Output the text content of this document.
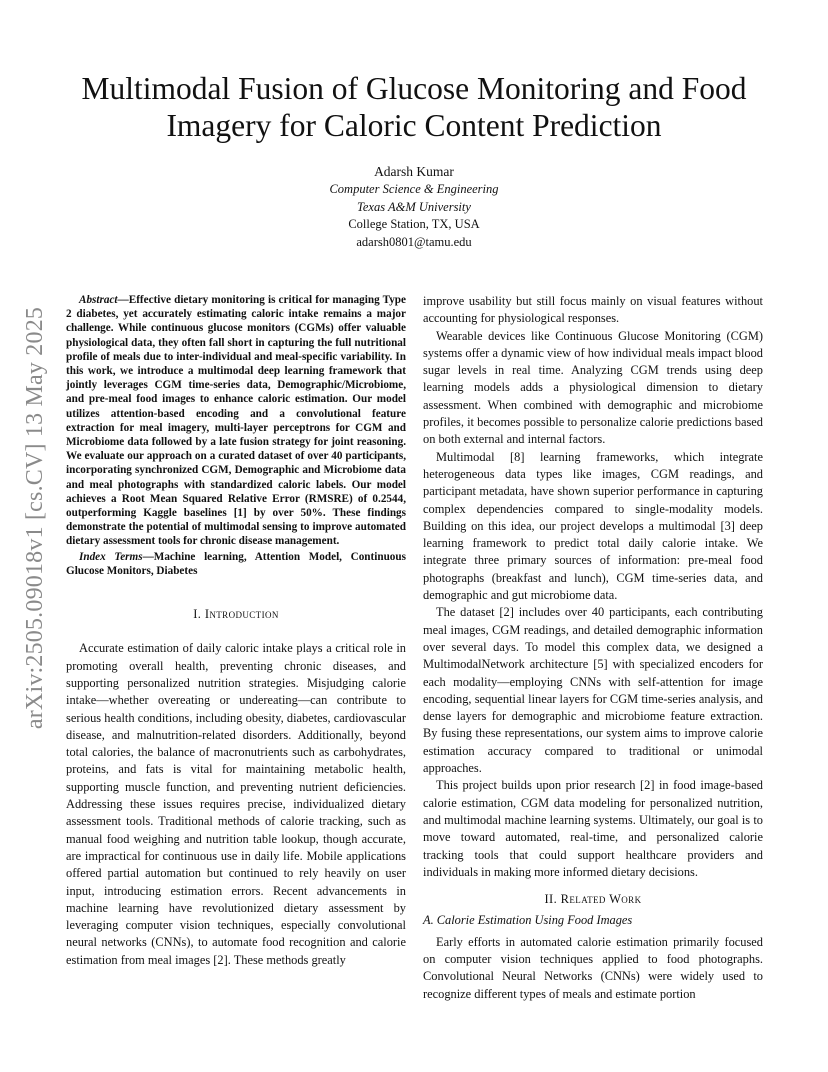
arXiv:2505.09018v1 [cs.CV] 13 May 2025
Multimodal Fusion of Glucose Monitoring and Food Imagery for Caloric Content Prediction
Adarsh Kumar
Computer Science & Engineering
Texas A&M University
College Station, TX, USA
adarsh0801@tamu.edu

Abstract—Effective dietary monitoring is critical for managing Type 2 diabetes, yet accurately estimating caloric intake remains a major challenge. While continuous glucose monitors (CGMs) offer valuable physiological data, they often fall short in capturing the full nutritional profile of meals due to inter-individual and meal-specific variability. In this work, we introduce a multimodal deep learning framework that jointly leverages CGM time-series data, Demographic/Microbiome, and pre-meal food images to enhance caloric estimation. Our model utilizes attention-based encoding and a convolutional feature extraction for meal imagery, multi-layer perceptrons for CGM and Microbiome data followed by a late fusion strategy for joint reasoning. We evaluate our approach on a curated dataset of over 40 participants, incorporating synchronized CGM, Demographic and Microbiome data and meal photographs with standardized caloric labels. Our model achieves a Root Mean Squared Relative Error (RMSRE) of 0.2544, outperforming Kaggle baselines [1] by over 50%. These findings demonstrate the potential of multimodal sensing to improve automated dietary assessment tools for chronic disease management.

Index Terms—Machine learning, Attention Model, Continuous Glucose Monitors, Diabetes

I. Introduction

Accurate estimation of daily caloric intake plays a critical role in promoting overall health, preventing chronic diseases, and supporting personalized nutrition strategies. Misjudging calorie intake—whether overeating or undereating—can contribute to serious health conditions, including obesity, diabetes, cardiovascular disease, and malnutrition-related disorders. Additionally, beyond total calories, the balance of macronutrients such as carbohydrates, proteins, and fats is vital for maintaining metabolic health, supporting muscle function, and preventing nutrient deficiencies. Addressing these issues requires precise, individualized dietary assessment tools. Traditional methods of calorie tracking, such as manual food weighing and nutrition table lookup, though accurate, are impractical for continuous use in daily life. Mobile applications offered partial automation but continued to rely heavily on user input, introducing estimation errors. Recent advancements in machine learning have revolutionized dietary assessment by leveraging computer vision techniques, especially convolutional neural networks (CNNs), to automate food recognition and calorie estimation from meal images [2]. These methods greatly

improve usability but still focus mainly on visual features without accounting for physiological responses.

Wearable devices like Continuous Glucose Monitoring (CGM) systems offer a dynamic view of how individual meals impact blood sugar levels in real time. Analyzing CGM trends using deep learning models adds a physiological dimension to dietary assessment. When combined with demographic and microbiome profiles, it becomes possible to personalize calorie predictions based on both external and internal factors.

Multimodal [8] learning frameworks, which integrate heterogeneous data types like images, CGM readings, and participant metadata, have shown superior performance in capturing complex dependencies compared to single-modality models. Building on this idea, our project develops a multimodal [3] deep learning framework to predict total daily calorie intake. We integrate three primary sources of information: pre-meal food photographs (breakfast and lunch), CGM time-series data, and demographic and gut microbiome data.

The dataset [2] includes over 40 participants, each contributing meal images, CGM readings, and detailed demographic information over several days. To model this complex data, we designed a MultimodalNetwork architecture [5] with specialized encoders for each modality—employing CNNs with self-attention for image encoding, sequential linear layers for CGM time-series analysis, and dense layers for demographic and microbiome feature extraction. By fusing these representations, our system aims to improve calorie estimation accuracy compared to traditional or unimodal approaches.

This project builds upon prior research [2] in food image-based calorie estimation, CGM data modeling for personalized nutrition, and multimodal machine learning systems. Ultimately, our goal is to move toward automated, real-time, and personalized calorie tracking tools that could support healthcare providers and individuals in making more informed dietary decisions.

II. Related Work
A. Calorie Estimation Using Food Images

Early efforts in automated calorie estimation primarily focused on computer vision techniques applied to food photographs. Convolutional Neural Networks (CNNs) were widely used to recognize different types of meals and estimate portion
